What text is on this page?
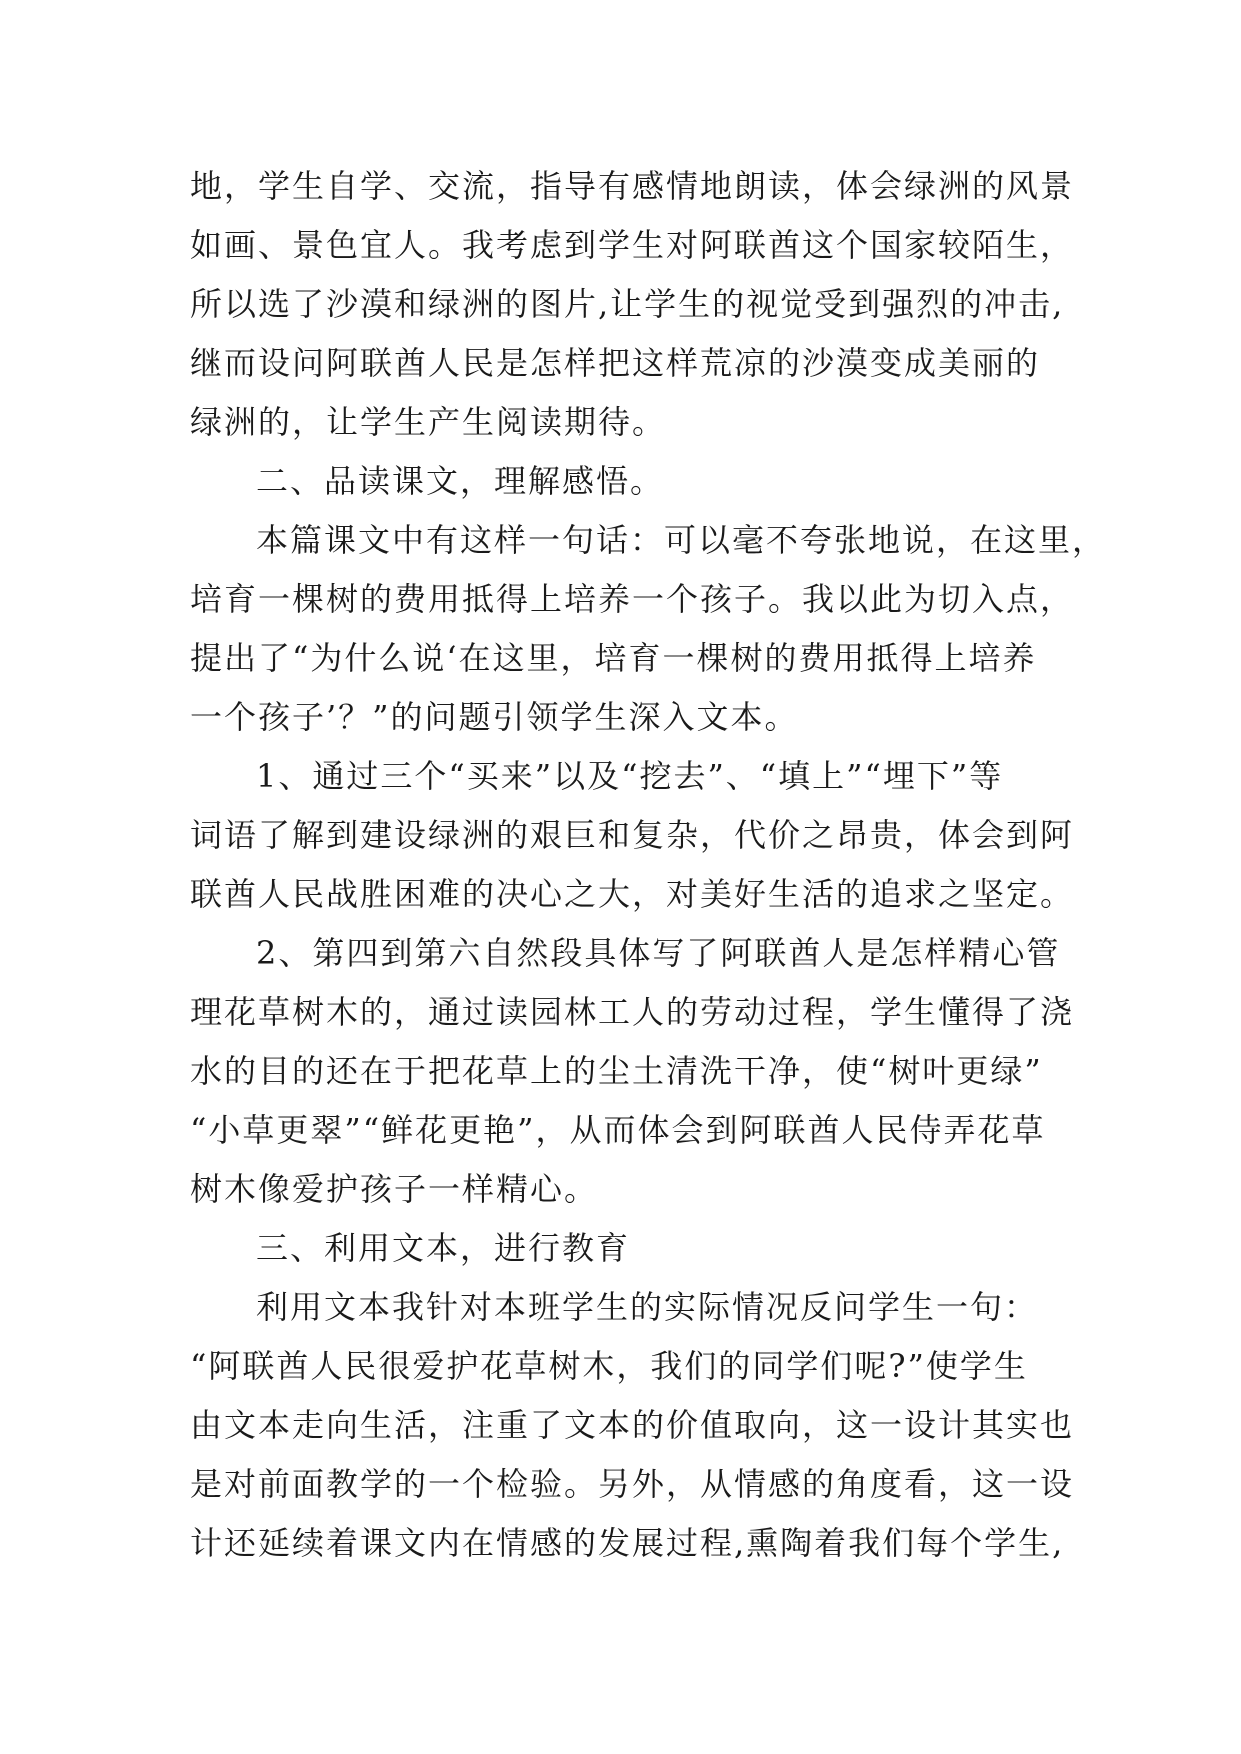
地，学生自学、交流，指导有感情地朗读，体会绿洲的风景
如画、景色宜人。我考虑到学生对阿联酋这个国家较陌生，
所以选了沙漠和绿洲的图片,让学生的视觉受到强烈的冲击,
继而设问阿联酋人民是怎样把这样荒凉的沙漠变成美丽的
绿洲的，让学生产生阅读期待。
二、品读课文，理解感悟。
本篇课文中有这样一句话：可以毫不夸张地说，在这里，
培育一棵树的费用抵得上培养一个孩子。我以此为切入点，
提出了“为什么说‘在这里，培育一棵树的费用抵得上培养
一个孩子’？”的问题引领学生深入文本。
1、通过三个“买来”以及“挖去”、“填上”“埋下”等
词语了解到建设绿洲的艰巨和复杂，代价之昂贵，体会到阿
联酋人民战胜困难的决心之大，对美好生活的追求之坚定。
2、第四到第六自然段具体写了阿联酋人是怎样精心管
理花草树木的，通过读园林工人的劳动过程，学生懂得了浇
水的目的还在于把花草上的尘土清洗干净，使“树叶更绿”
“小草更翠”“鲜花更艳”，从而体会到阿联酋人民侍弄花草
树木像爱护孩子一样精心。
三、利用文本，进行教育
利用文本我针对本班学生的实际情况反问学生一句：
“阿联酋人民很爱护花草树木，我们的同学们呢?”使学生
由文本走向生活，注重了文本的价值取向，这一设计其实也
是对前面教学的一个检验。另外，从情感的角度看，这一设
计还延续着课文内在情感的发展过程,熏陶着我们每个学生,
